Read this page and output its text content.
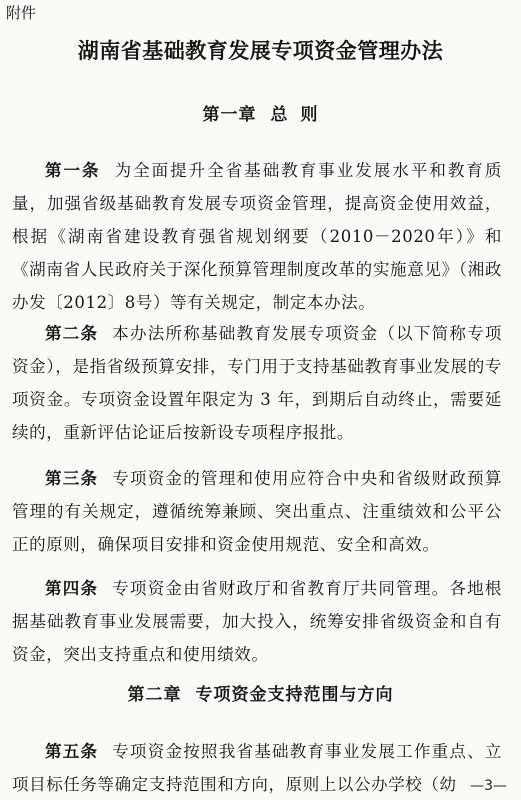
附件
湖南省基础教育发展专项资金管理办法
第一章 总 则

第一条 为全面提升全省基础教育事业发展水平和教育质量，加强省级基础教育发展专项资金管理，提高资金使用效益，根据《湖南省建设教育强省规划纲要（2010－2020年）》和《湖南省人民政府关于深化预算管理制度改革的实施意见》（湘政办发〔2012〕8号）等有关规定，制定本办法。

第二条 本办法所称基础教育发展专项资金（以下简称专项资金），是指省级预算安排，专门用于支持基础教育事业发展的专项资金。专项资金设置年限定为 3 年，到期后自动终止，需要延续的，重新评估论证后按新设专项程序报批。

第三条 专项资金的管理和使用应符合中央和省级财政预算管理的有关规定，遵循统筹兼顾、突出重点、注重绩效和公平公正的原则，确保项目安排和资金使用规范、安全和高效。

第四条 专项资金由省财政厅和省教育厅共同管理。各地根据基础教育事业发展需要，加大投入，统筹安排省级资金和自有资金，突出支持重点和使用绩效。

第二章 专项资金支持范围与方向

第五条 专项资金按照我省基础教育事业发展工作重点、立项目标任务等确定支持范围和方向，原则上以公办学校（幼 —3—
